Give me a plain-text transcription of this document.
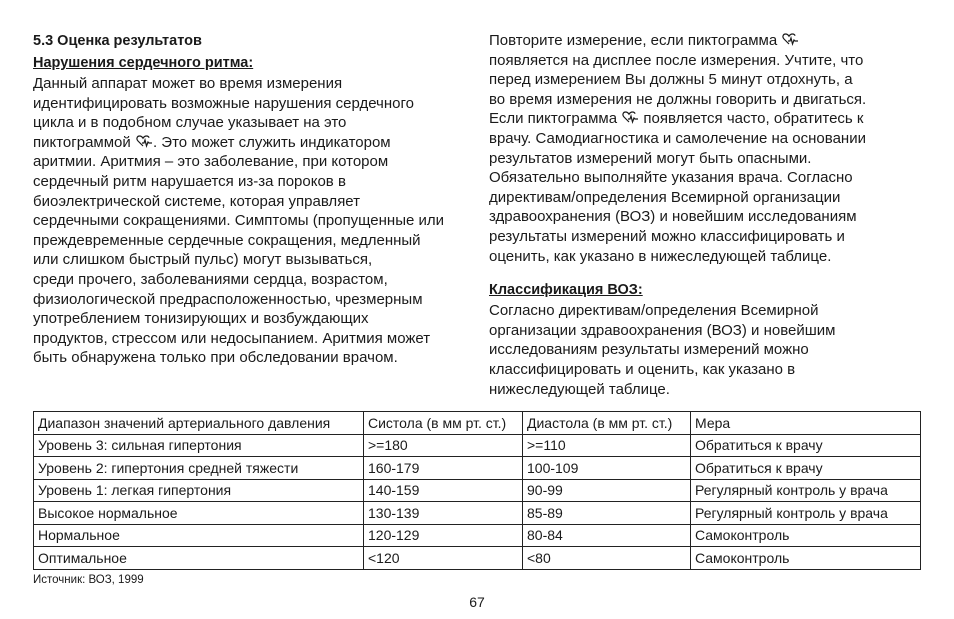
5.3 Оценка результатов

Нарушения сердечного ритма:

Данный аппарат может во время измерения
идентифицировать возможные нарушения сердечного
цикла и в подобном случае указывает на это
пиктограммой . Это может служить индикатором
аритмии. Аритмия – это заболевание, при котором
сердечный ритм нарушается из-за пороков в
биоэлектрической системе, которая управляет
сердечными сокращениями. Симптомы (пропущенные или
преждевременные сердечные сокращения, медленный
или слишком быстрый пульс) могут вызываться,
среди прочего, заболеваниями сердца, возрастом,
физиологической предрасположенностью, чрезмерным
употреблением тонизирующих и возбуждающих
продуктов, стрессом или недосыпанием. Аритмия может
быть обнаружена только при обследовании врачом.

Повторите измерение, если пиктограмма
появляется на дисплее после измерения. Учтите, что
перед измерением Вы должны 5 минут отдохнуть, а
во время измерения не должны говорить и двигаться.
Если пиктограмма появляется часто, обратитесь к
врачу. Самодиагностика и самолечение на основании
результатов измерений могут быть опасными.
Обязательно выполняйте указания врача. Согласно
директивам/определения Всемирной организации
здравоохранения (ВОЗ) и новейшим исследованиям
результаты измерений можно классифицировать и
оценить, как указано в нижеследующей таблице.

Классификация ВОЗ:

Согласно директивам/определения Всемирной
организации здравоохранения (ВОЗ) и новейшим
исследованиям результаты измерений можно
классифицировать и оценить, как указано в
нижеследующей таблице.

Диапазон значений артериального давления	Систола (в мм рт. ст.)	Диастола (в мм рт. ст.)	Мера
Уровень 3: сильная гипертония	>=180	>=110	Обратиться к врачу
Уровень 2: гипертония средней тяжести	160-179	100-109	Обратиться к врачу
Уровень 1: легкая гипертония	140-159	90-99	Регулярный контроль у врача
Высокое нормальное	130-139	85-89	Регулярный контроль у врача
Нормальное	120-129	80-84	Самоконтроль
Оптимальное	<120	<80	Самоконтроль
Источник: ВОЗ, 1999
67
